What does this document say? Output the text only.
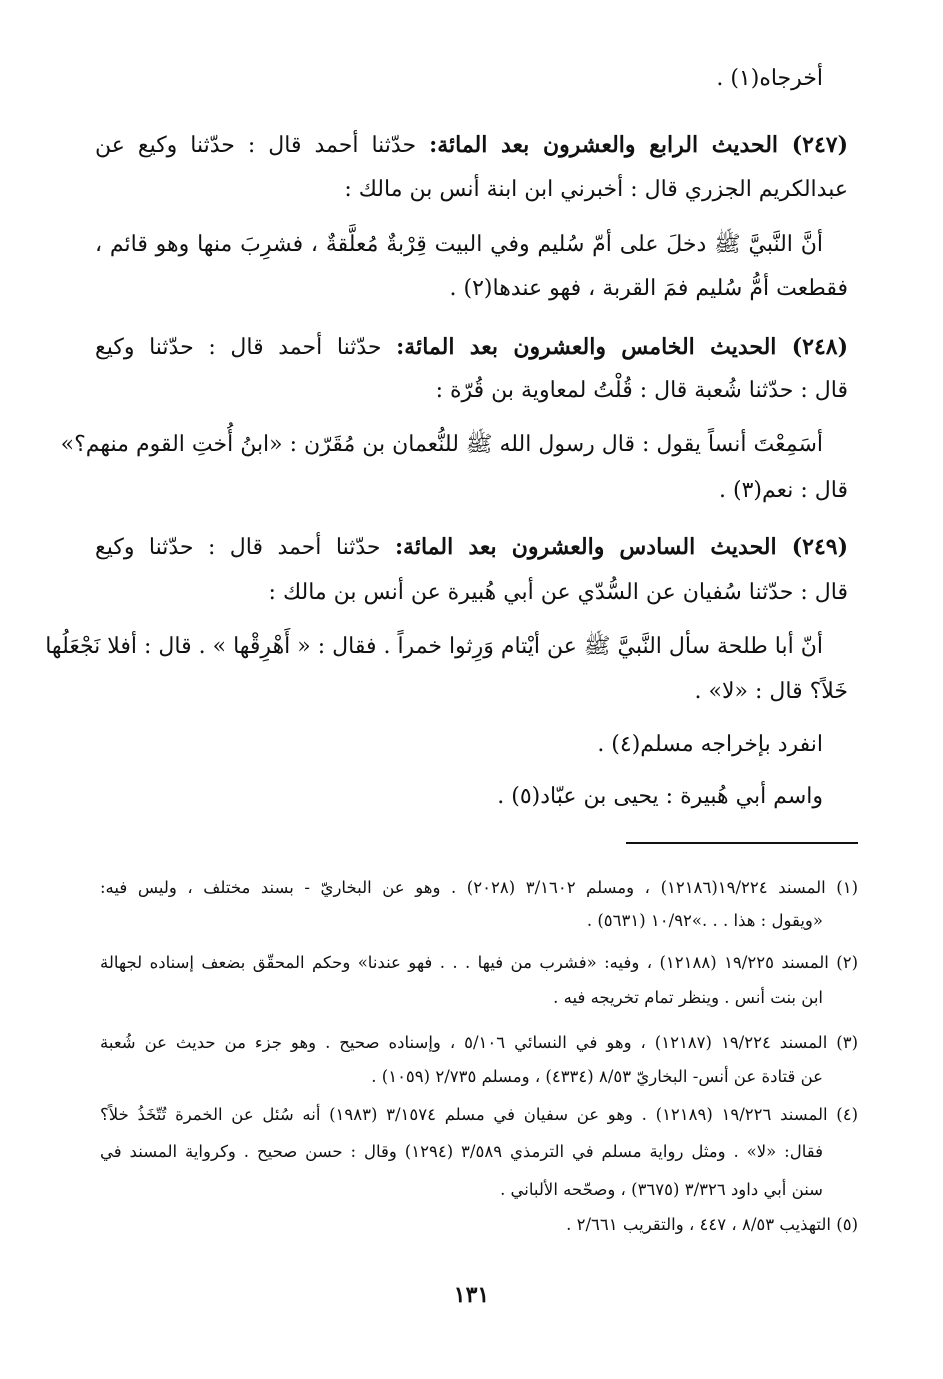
أخرجاه(١) .
(٢٤٧) الحديث الرابع والعشرون بعد المائة: حدّثنا أحمد قال : حدّثنا وكيع عن
عبدالكريم الجزري قال : أخبرني ابن ابنة أنس بن مالك :
أنَّ النَّبيَّ ﷺ دخلَ على أمّ سُليم وفي البيت قِرْبةٌ مُعلَّقةٌ ، فشرِبَ منها وهو قائم ،
فقطعت أمُّ سُليم فمَ القربة ، فهو عندها(٢) .
(٢٤٨) الحديث الخامس والعشرون بعد المائة: حدّثنا أحمد قال : حدّثنا وكيع
قال : حدّثنا شُعبة قال : قُلْتُ لمعاوية بن قُرّة :
أسَمِعْتَ أنساً يقول : قال رسول الله ﷺ للنُّعمان بن مُقَرّن : «ابنُ أُختِ القوم منهم؟»
قال : نعم(٣) .
(٢٤٩) الحديث السادس والعشرون بعد المائة: حدّثنا أحمد قال : حدّثنا وكيع
قال : حدّثنا سُفيان عن السُّدّي عن أبي هُبيرة عن أنس بن مالك :
أنّ أبا طلحة سأل النَّبيَّ ﷺ عن أيْتام وَرِثوا خمراً . فقال : « أَهْرِقْها » . قال : أفلا نَجْعَلُها
خَلاً؟ قال : «لا» .
انفرد بإخراجه مسلم(٤) .
واسم أبي هُبيرة : يحيى بن عبّاد(٥) .
(١) المسند ١٩/٢٢٤(١٢١٨٦) ، ومسلم ٣/١٦٠٢ (٢٠٢٨) . وهو عن البخاريّ - بسند مختلف ، وليس فيه:
«ويقول : هذا . . .»١٠/٩٢ (٥٦٣١) .
(٢) المسند ١٩/٢٢٥ (١٢١٨٨) ، وفيه: «فشرب من فيها . . . فهو عندنا» وحكم المحقّق بضعف إسناده لجهالة
ابن بنت أنس . وينظر تمام تخريجه فيه .
(٣) المسند ١٩/٢٢٤ (١٢١٨٧) ، وهو في النسائي ٥/١٠٦ ، وإسناده صحيح . وهو جزء من حديث عن شُعبة
عن قتادة عن أنس- البخاريّ ٨/٥٣ (٤٣٣٤) ، ومسلم ٢/٧٣٥ (١٠٥٩) .
(٤) المسند ١٩/٢٢٦ (١٢١٨٩) . وهو عن سفيان في مسلم ٣/١٥٧٤ (١٩٨٣) أنه سُئل عن الخمرة تُتّخَذُ خلاً؟
فقال: «لا» . ومثل رواية مسلم في الترمذي ٣/٥٨٩ (١٢٩٤) وقال : حسن صحيح . وكرواية المسند في
سنن أبي داود ٣/٣٢٦ (٣٦٧٥) ، وصحّحه الألباني .
(٥) التهذيب ٨/٥٣ ، ٤٤٧ ، والتقريب ٢/٦٦١ .
١٣١
